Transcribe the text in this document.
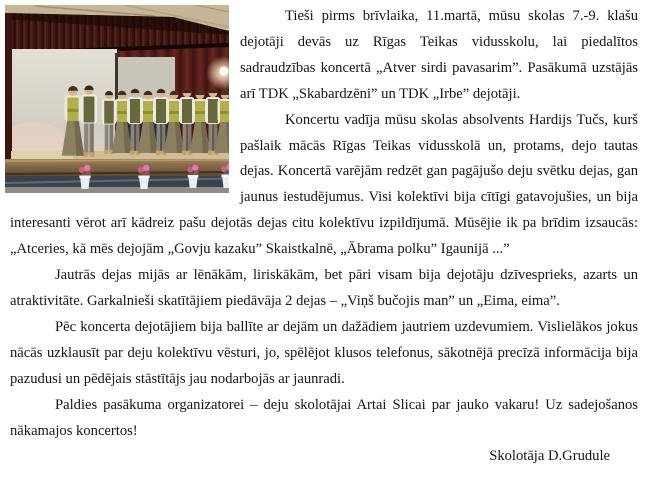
Tieši pirms brīvlaika, 11.martā, mūsu skolas 7.-9. klašu dejotāji devās uz Rīgas Teikas vidusskolu, lai piedalītos sadraudzības koncertā „Atver sirdi pavasarim”. Pasākumā uzstājās arī TDK „Skabardzēni” un TDK „Irbe” dejotāji.

Koncertu vadīja mūsu skolas absolvents Hardijs Tučs, kurš pašlaik mācās Rīgas Teikas vidusskolā un, protams, dejo tautas dejas. Koncertā varējām redzēt gan pagājušo deju svētku dejas, gan jaunus iestudējumus. Visi kolektīvi bija cītīgi gatavojušies, un bija interesanti vērot arī kādreiz pašu dejotās dejas citu kolektīvu izpildījumā. Mūsējie ik pa brīdim izsaucās: „Atceries, kā mēs dejojām „Govju kazaku” Skaistkalnē, „Ābrama polku” Igaunijā ...”

Jautrās dejas mijās ar lēnākām, liriskākām, bet pāri visam bija dejotāju dzīvesprieks, azarts un atraktivitāte. Garkalnieši skatītājiem piedāvāja 2 dejas – „Viņš bučojis man” un „Eima, eima”.

Pēc koncerta dejotājiem bija ballīte ar dejām un dažādiem jautriem uzdevumiem. Vislielākos jokus nācās uzklausīt par deju kolektīvu vēsturi, jo, spēlējot klusos telefonus, sākotnējā precīzā informācija bija pazudusi un pēdējais stāstītājs jau nodarbojās ar jaunradi.

Paldies pasākuma organizatorei – deju skolotājai Artai Slicai par jauko vakaru! Uz sadejošanos nākamajos koncertos!

Skolotāja D.Grudule
